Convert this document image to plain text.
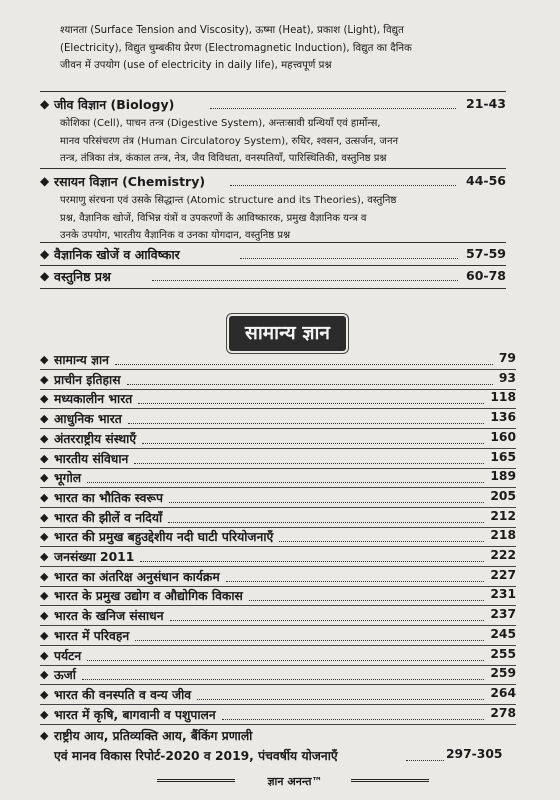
श्यानता (Surface Tension and Viscosity), ऊष्मा (Heat), प्रकाश (Light), विद्युत
(Electricity), विद्युत चुम्बकीय प्रेरण (Electromagnetic Induction), विद्युत का दैनिक
जीवन में उपयोग (use of electricity in daily life), महत्त्वपूर्ण प्रश्न
◆ जीव विज्ञान (Biology)	21-43
कोशिका (Cell), पाचन तन्त्र (Digestive System), अन्तःस्रावी ग्रन्थियाँ एवं हार्मोन्स,
मानव परिसंचरण तंत्र (Human Circulatoroy System), रुधिर, श्वसन, उत्सर्जन, जनन
तन्त्र, तंत्रिका तंत्र, कंकाल तन्त्र, नेत्र, जैव विविधता, वनस्पतियाँ, पारिस्थितिकी, वस्तुनिष्ठ प्रश्न
◆ रसायन विज्ञान (Chemistry)	44-56
परमाणु संरचना एवं उसके सिद्धान्त (Atomic structure and its Theories), वस्तुनिष्ठ
प्रश्न, वैज्ञानिक खोजें, विभिन्न यंत्रों व उपकरणों के आविष्कारक, प्रमुख वैज्ञानिक यन्त्र व
उनके उपयोग, भारतीय वैज्ञानिक व उनका योगदान, वस्तुनिष्ठ प्रश्न
◆ वैज्ञानिक खोजें व आविष्कार	57-59
◆ वस्तुनिष्ठ प्रश्न	60-78
सामान्य ज्ञान
◆ सामान्य ज्ञान	79
◆ प्राचीन इतिहास	93
◆ मध्यकालीन भारत	118
◆ आधुनिक भारत	136
◆ अंतरराष्ट्रीय संस्थाएँ	160
◆ भारतीय संविधान	165
◆ भूगोल	189
◆ भारत का भौतिक स्वरूप	205
◆ भारत की झीलें व नदियाँ	212
◆ भारत की प्रमुख बहुउद्देशीय नदी घाटी परियोजनाएँ	218
◆ जनसंख्या 2011	222
◆ भारत का अंतरिक्ष अनुसंधान कार्यक्रम	227
◆ भारत के प्रमुख उद्योग व औद्योगिक विकास	231
◆ भारत के खनिज संसाधन	237
◆ भारत में परिवहन	245
◆ पर्यटन	255
◆ ऊर्जा	259
◆ भारत की वनस्पति व वन्य जीव	264
◆ भारत में कृषि, बागवानी व पशुपालन	278
◆ राष्ट्रीय आय, प्रतिव्यक्ति आय, बैंकिंग प्रणाली
एवं मानव विकास रिपोर्ट-2020 व 2019, पंचवर्षीय योजनाएँ	297-305
ज्ञान अनन्त™
